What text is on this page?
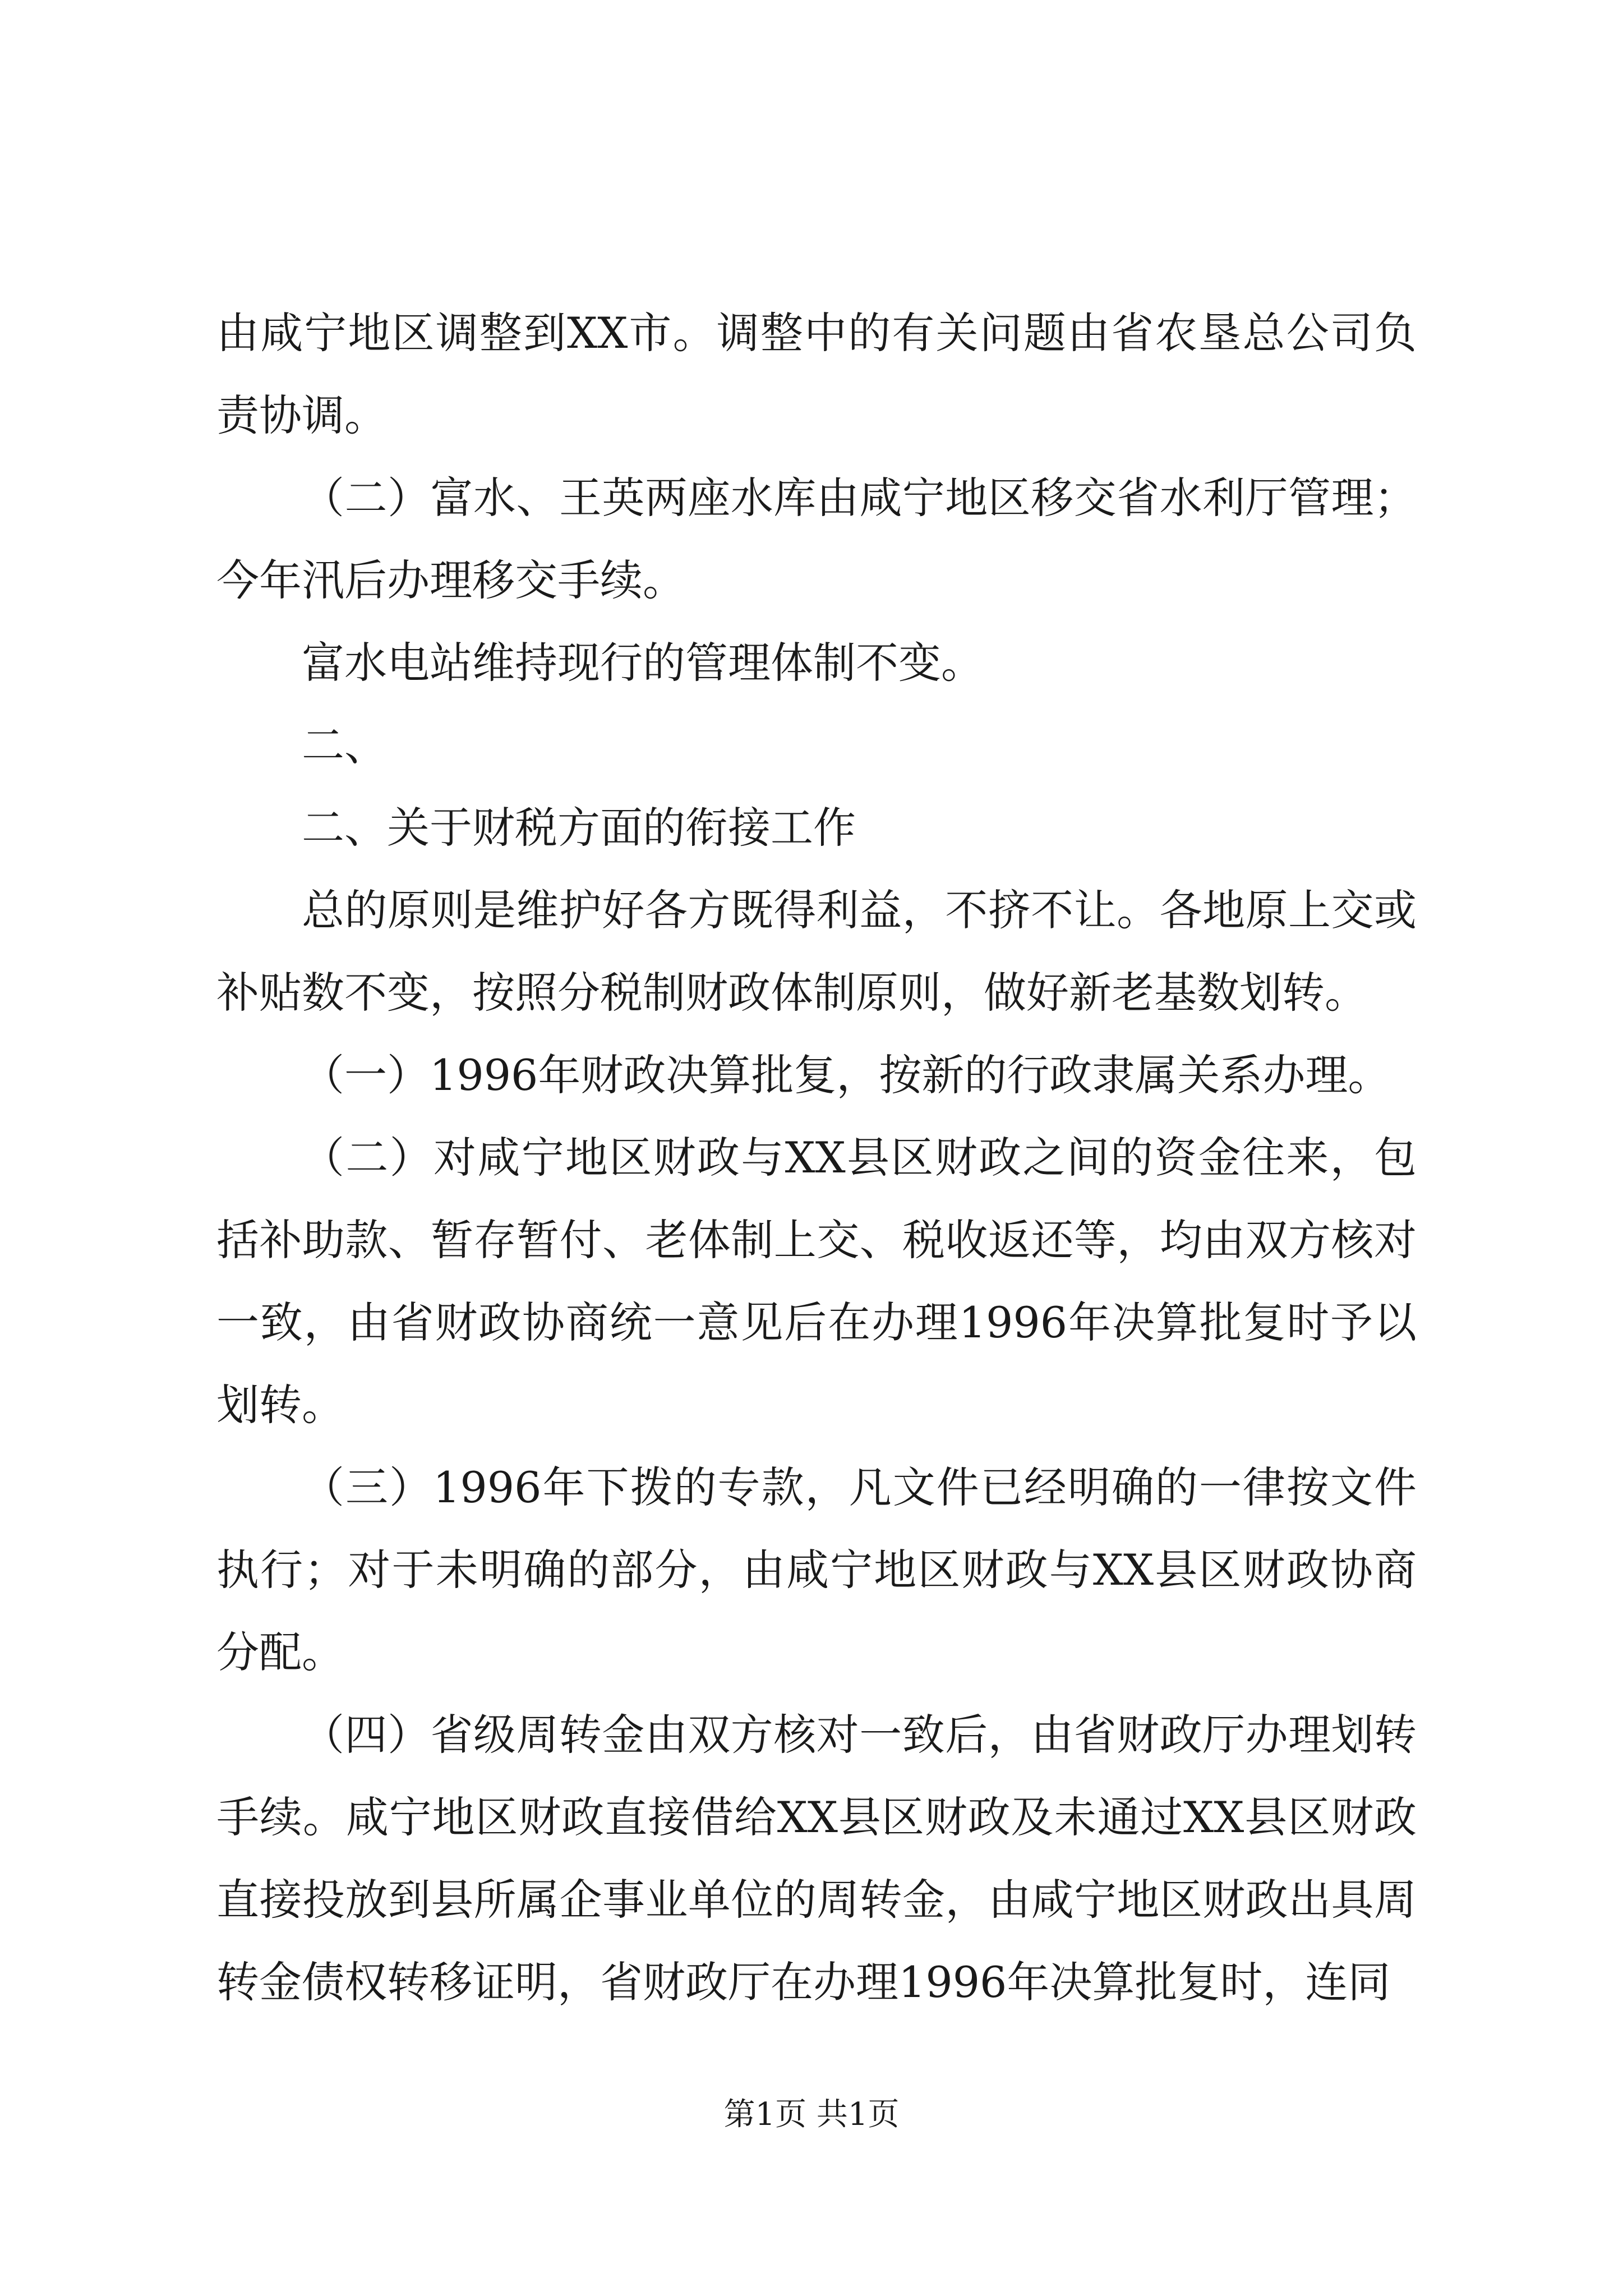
由咸宁地区调整到XX市。调整中的有关问题由省农垦总公司负责协调。

（二）富水、王英两座水库由咸宁地区移交省水利厅管理；今年汛后办理移交手续。

富水电站维持现行的管理体制不变。

二、

二、关于财税方面的衔接工作

总的原则是维护好各方既得利益，不挤不让。各地原上交或补贴数不变，按照分税制财政体制原则，做好新老基数划转。

（一）1996年财政决算批复，按新的行政隶属关系办理。

（二）对咸宁地区财政与XX县区财政之间的资金往来，包括补助款、暂存暂付、老体制上交、税收返还等，均由双方核对一致，由省财政协商统一意见后在办理1996年决算批复时予以划转。

（三）1996年下拨的专款，凡文件已经明确的一律按文件执行；对于未明确的部分，由咸宁地区财政与XX县区财政协商分配。

（四）省级周转金由双方核对一致后，由省财政厅办理划转手续。咸宁地区财政直接借给XX县区财政及未通过XX县区财政直接投放到县所属企事业单位的周转金，由咸宁地区财政出具周转金债权转移证明，省财政厅在办理1996年决算批复时，连同

第1页 共1页
